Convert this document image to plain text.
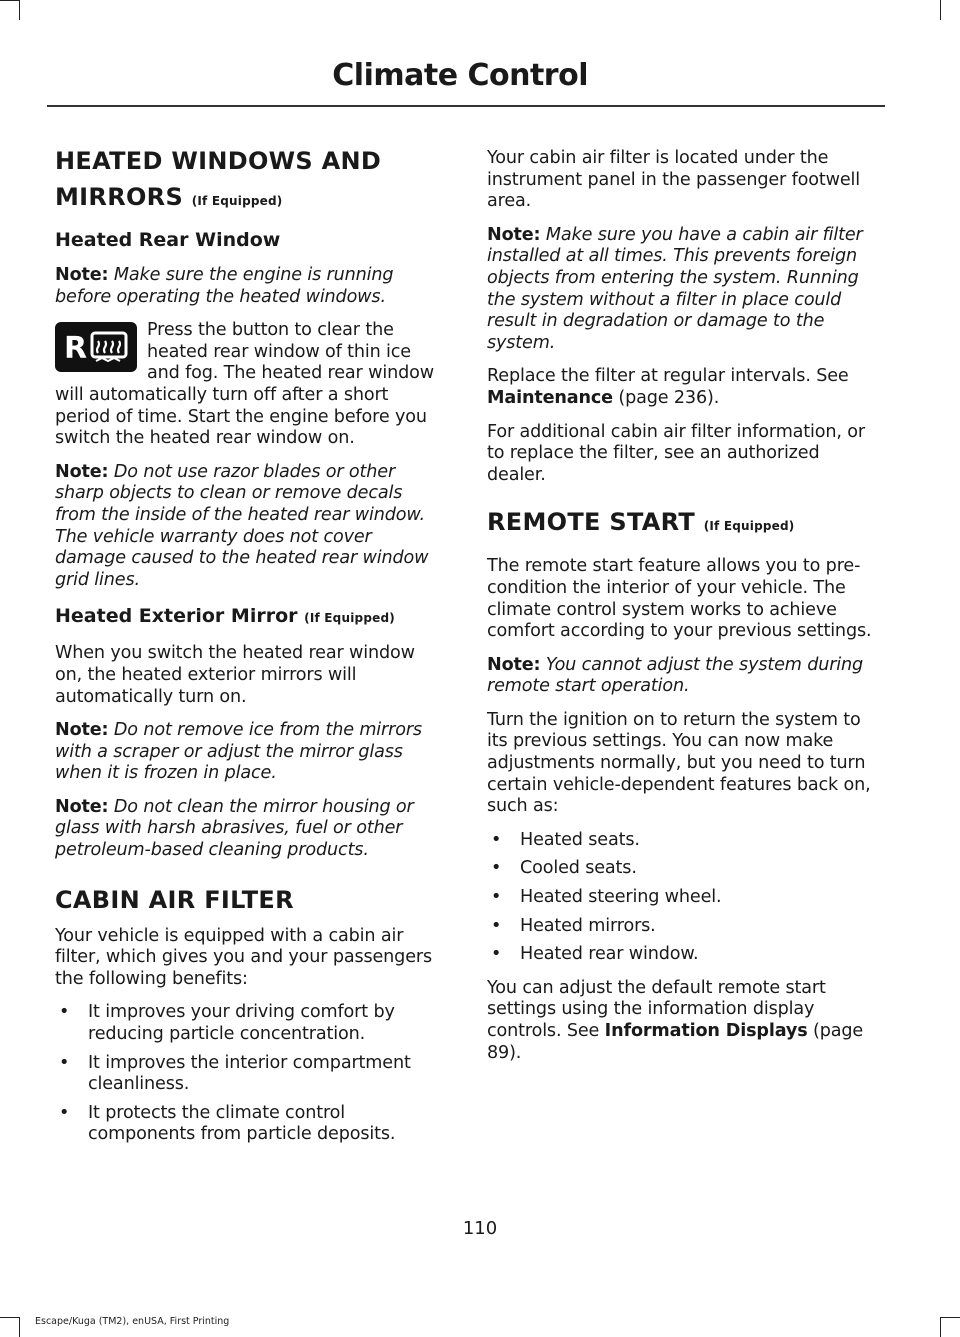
Climate Control
HEATED WINDOWS AND MIRRORS (If Equipped)
Heated Rear Window

Note: Make sure the engine is running before operating the heated windows.

R
Press the button to clear the heated rear window of thin ice and fog. The heated rear window will automatically turn off after a short period of time. Start the engine before you switch the heated rear window on.

Note: Do not use razor blades or other sharp objects to clean or remove decals from the inside of the heated rear window. The vehicle warranty does not cover damage caused to the heated rear window grid lines.

Heated Exterior Mirror (If Equipped)

When you switch the heated rear window on, the heated exterior mirrors will automatically turn on.

Note: Do not remove ice from the mirrors with a scraper or adjust the mirror glass when it is frozen in place.

Note: Do not clean the mirror housing or glass with harsh abrasives, fuel or other petroleum-based cleaning products.

CABIN AIR FILTER

Your vehicle is equipped with a cabin air filter, which gives you and your passengers the following benefits:

• It improves your driving comfort by reducing particle concentration.
• It improves the interior compartment cleanliness.
• It protects the climate control components from particle deposits.

Your cabin air filter is located under the instrument panel in the passenger footwell area.

Note: Make sure you have a cabin air filter installed at all times. This prevents foreign objects from entering the system. Running the system without a filter in place could result in degradation or damage to the system.

Replace the filter at regular intervals. See Maintenance (page 236).

For additional cabin air filter information, or to replace the filter, see an authorized dealer.

REMOTE START (If Equipped)

The remote start feature allows you to pre-condition the interior of your vehicle. The climate control system works to achieve comfort according to your previous settings.

Note: You cannot adjust the system during remote start operation.

Turn the ignition on to return the system to its previous settings. You can now make adjustments normally, but you need to turn certain vehicle-dependent features back on, such as:

• Heated seats.
• Cooled seats.
• Heated steering wheel.
• Heated mirrors.
• Heated rear window.

You can adjust the default remote start settings using the information display controls. See Information Displays (page 89).

110
Escape/Kuga (TM2), enUSA, First Printing
